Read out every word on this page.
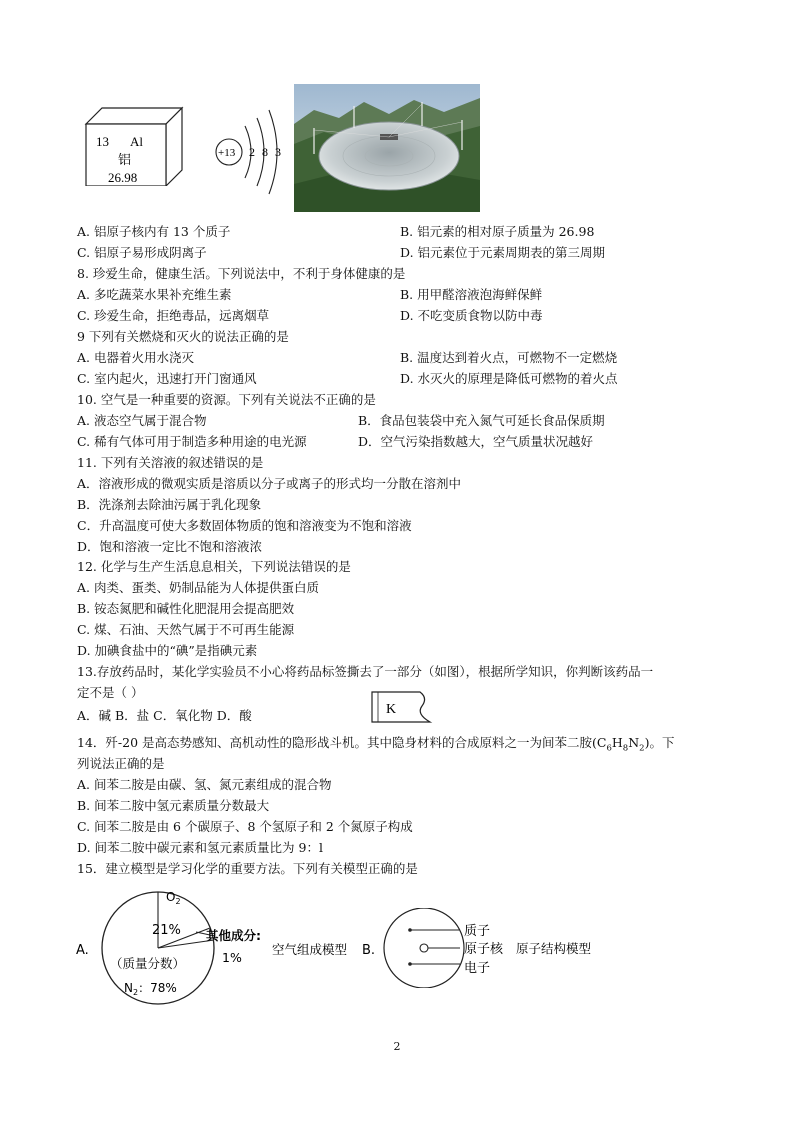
13 Al
铝
26.98
+13 2 8 3
A. 铝原子核内有 13 个质子	B. 铝元素的相对原子质量为 26.98
C. 铝原子易形成阴离子	D. 铝元素位于元素周期表的第三周期
8. 珍爱生命，健康生活。下列说法中，不利于身体健康的是
A. 多吃蔬菜水果补充维生素	B. 用甲醛溶液泡海鲜保鲜
C. 珍爱生命，拒绝毒品，远离烟草	D. 不吃变质食物以防中毒
9 下列有关燃烧和灭火的说法正确的是
A. 电器着火用水浇灭	B. 温度达到着火点，可燃物不一定燃烧
C. 室内起火，迅速打开门窗通风	D. 水灭火的原理是降低可燃物的着火点
10. 空气是一种重要的资源。下列有关说法不正确的是
A. 液态空气属于混合物	B．食品包装袋中充入氮气可延长食品保质期
C. 稀有气体可用于制造多种用途的电光源	D．空气污染指数越大，空气质量状况越好
11. 下列有关溶液的叙述错误的是
A．溶液形成的微观实质是溶质以分子或离子的形式均一分散在溶剂中
B．洗涤剂去除油污属于乳化现象
C．升高温度可使大多数固体物质的饱和溶液变为不饱和溶液
D．饱和溶液一定比不饱和溶液浓
12. 化学与生产生活息息相关，下列说法错误的是
A. 肉类、蛋类、奶制品能为人体提供蛋白质
B. 铵态氮肥和碱性化肥混用会提高肥效
C. 煤、石油、天然气属于不可再生能源
D. 加碘食盐中的“碘”是指碘元素
13.存放药品时，某化学实验员不小心将药品标签撕去了一部分（如图），根据所学知识，你判断该药品一
定不是（ ）
A．碱 B．盐 C．氧化物 D．酸	K
14．歼-20 是高态势感知、高机动性的隐形战斗机。其中隐身材料的合成原料之一为间苯二胺$(C_6H_8N_2)$。下
列说法正确的是
A. 间苯二胺是由碳、氢、氮元素组成的混合物
B. 间苯二胺中氢元素质量分数最大
C. 间苯二胺是由 6 个碳原子、8 个氢原子和 2 个氮原子构成
D. 间苯二胺中碳元素和氢元素质量比为 9：l
15．建立模型是学习化学的重要方法。下列有关模型正确的是
A.
$O_2$
21% 其他成分:
1%
（质量分数）
$N_2$：78%
空气组成模型 B.
质子
原子核
电子
原子结构模型
2
